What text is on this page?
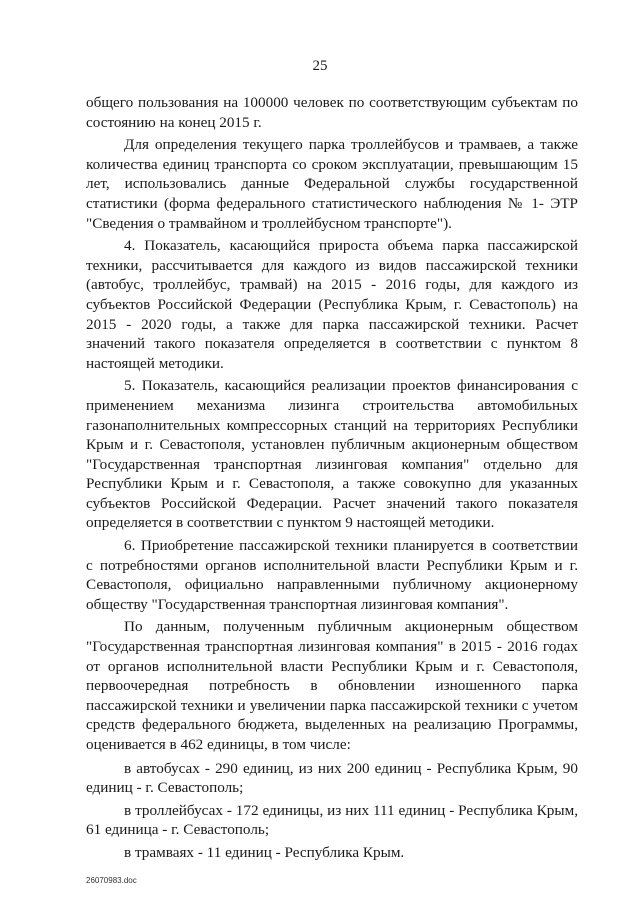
25

общего пользования на 100000 человек по соответствующим субъектам по состоянию на конец 2015 г.

Для определения текущего парка троллейбусов и трамваев, а также количества единиц транспорта со сроком эксплуатации, превышающим 15 лет, использовались данные Федеральной службы государственной статистики (форма федерального статистического наблюдения № 1- ЭТР "Сведения о трамвайном и троллейбусном транспорте").

4. Показатель, касающийся прироста объема парка пассажирской техники, рассчитывается для каждого из видов пассажирской техники (автобус, троллейбус, трамвай) на 2015 - 2016 годы, для каждого из субъектов Российской Федерации (Республика Крым, г. Севастополь) на 2015 - 2020 годы, а также для парка пассажирской техники. Расчет значений такого показателя определяется в соответствии с пунктом 8 настоящей методики.

5. Показатель, касающийся реализации проектов финансирования с применением механизма лизинга строительства автомобильных газонаполнительных компрессорных станций на территориях Республики Крым и г. Севастополя, установлен публичным акционерным обществом "Государственная транспортная лизинговая компания" отдельно для Республики Крым и г. Севастополя, а также совокупно для указанных субъектов Российской Федерации. Расчет значений такого показателя определяется в соответствии с пунктом 9 настоящей методики.

6. Приобретение пассажирской техники планируется в соответствии с потребностями органов исполнительной власти Республики Крым и г. Севастополя, официально направленными публичному акционерному обществу "Государственная транспортная лизинговая компания".

По данным, полученным публичным акционерным обществом "Государственная транспортная лизинговая компания" в 2015 - 2016 годах от органов исполнительной власти Республики Крым и г. Севастополя, первоочередная потребность в обновлении изношенного парка пассажирской техники и увеличении парка пассажирской техники с учетом средств федерального бюджета, выделенных на реализацию Программы, оценивается в 462 единицы, в том числе:

в автобусах - 290 единиц, из них 200 единиц - Республика Крым, 90 единиц - г. Севастополь;

в троллейбусах - 172 единицы, из них 111 единиц - Республика Крым, 61 единица - г. Севастополь;

в трамваях - 11 единиц - Республика Крым.

26070983.doc
